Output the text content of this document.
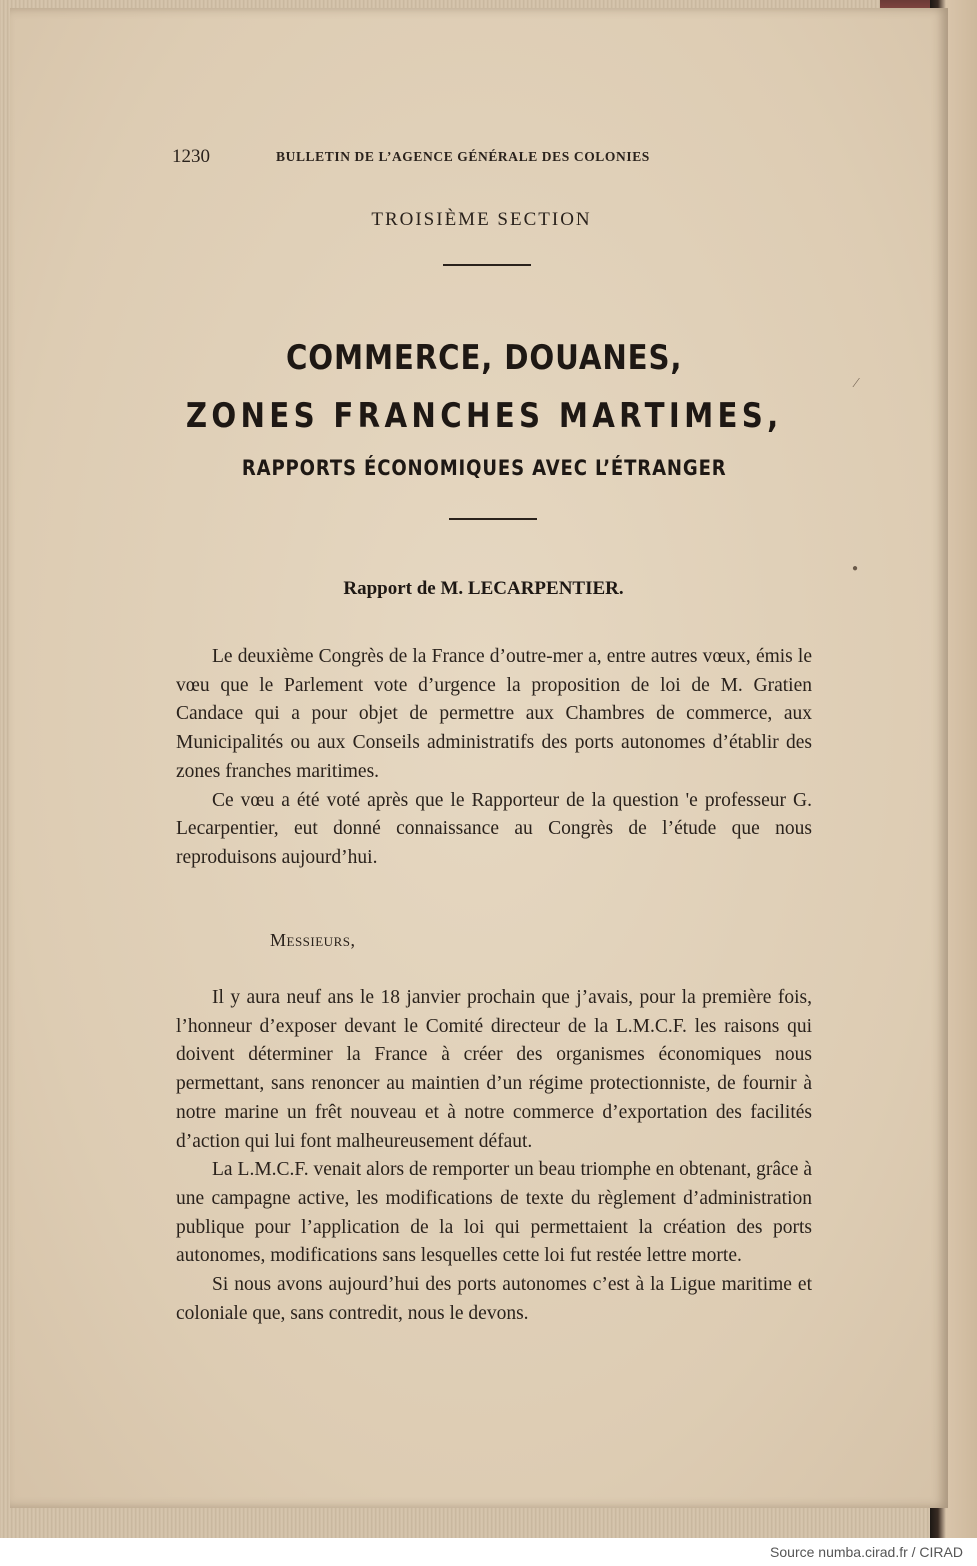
1230	BULLETIN DE L’AGENCE GÉNÉRALE DES COLONIES
TROISIÈME SECTION
COMMERCE, DOUANES,
ZONES FRANCHES MARTIMES,
RAPPORTS ÉCONOMIQUES AVEC L’ÉTRANGER
Rapport de M. LECARPENTIER.

Le deuxième Congrès de la France d’outre-mer a, entre autres vœux, émis le vœu que le Parlement vote d’urgence la proposition de loi de M. Gratien Candace qui a pour objet de permettre aux Chambres de commerce, aux Municipalités ou aux Conseils administratifs des ports autonomes d’établir des zones franches maritimes.

Ce vœu a été voté après que le Rapporteur de la question 'e professeur G. Lecarpentier, eut donné connaissance au Congrès de l’étude que nous reproduisons aujourd’hui.

Messieurs,

Il y aura neuf ans le 18 janvier prochain que j’avais, pour la première fois, l’honneur d’exposer devant le Comité directeur de la L.M.C.F. les raisons qui doivent déterminer la France à créer des organismes économiques nous permettant, sans renoncer au maintien d’un régime protectionniste, de fournir à notre marine un frêt nouveau et à notre commerce d’exportation des facilités d’action qui lui font malheureusement défaut.

La L.M.C.F. venait alors de remporter un beau triomphe en obtenant, grâce à une campagne active, les modifications de texte du règlement d’administration publique pour l’application de la loi qui permettaient la création des ports autonomes, modifications sans lesquelles cette loi fut restée lettre morte.

Si nous avons aujourd’hui des ports autonomes c’est à la Ligue maritime et coloniale que, sans contredit, nous le devons.

⁄
●
Source numba.cirad.fr / CIRAD
